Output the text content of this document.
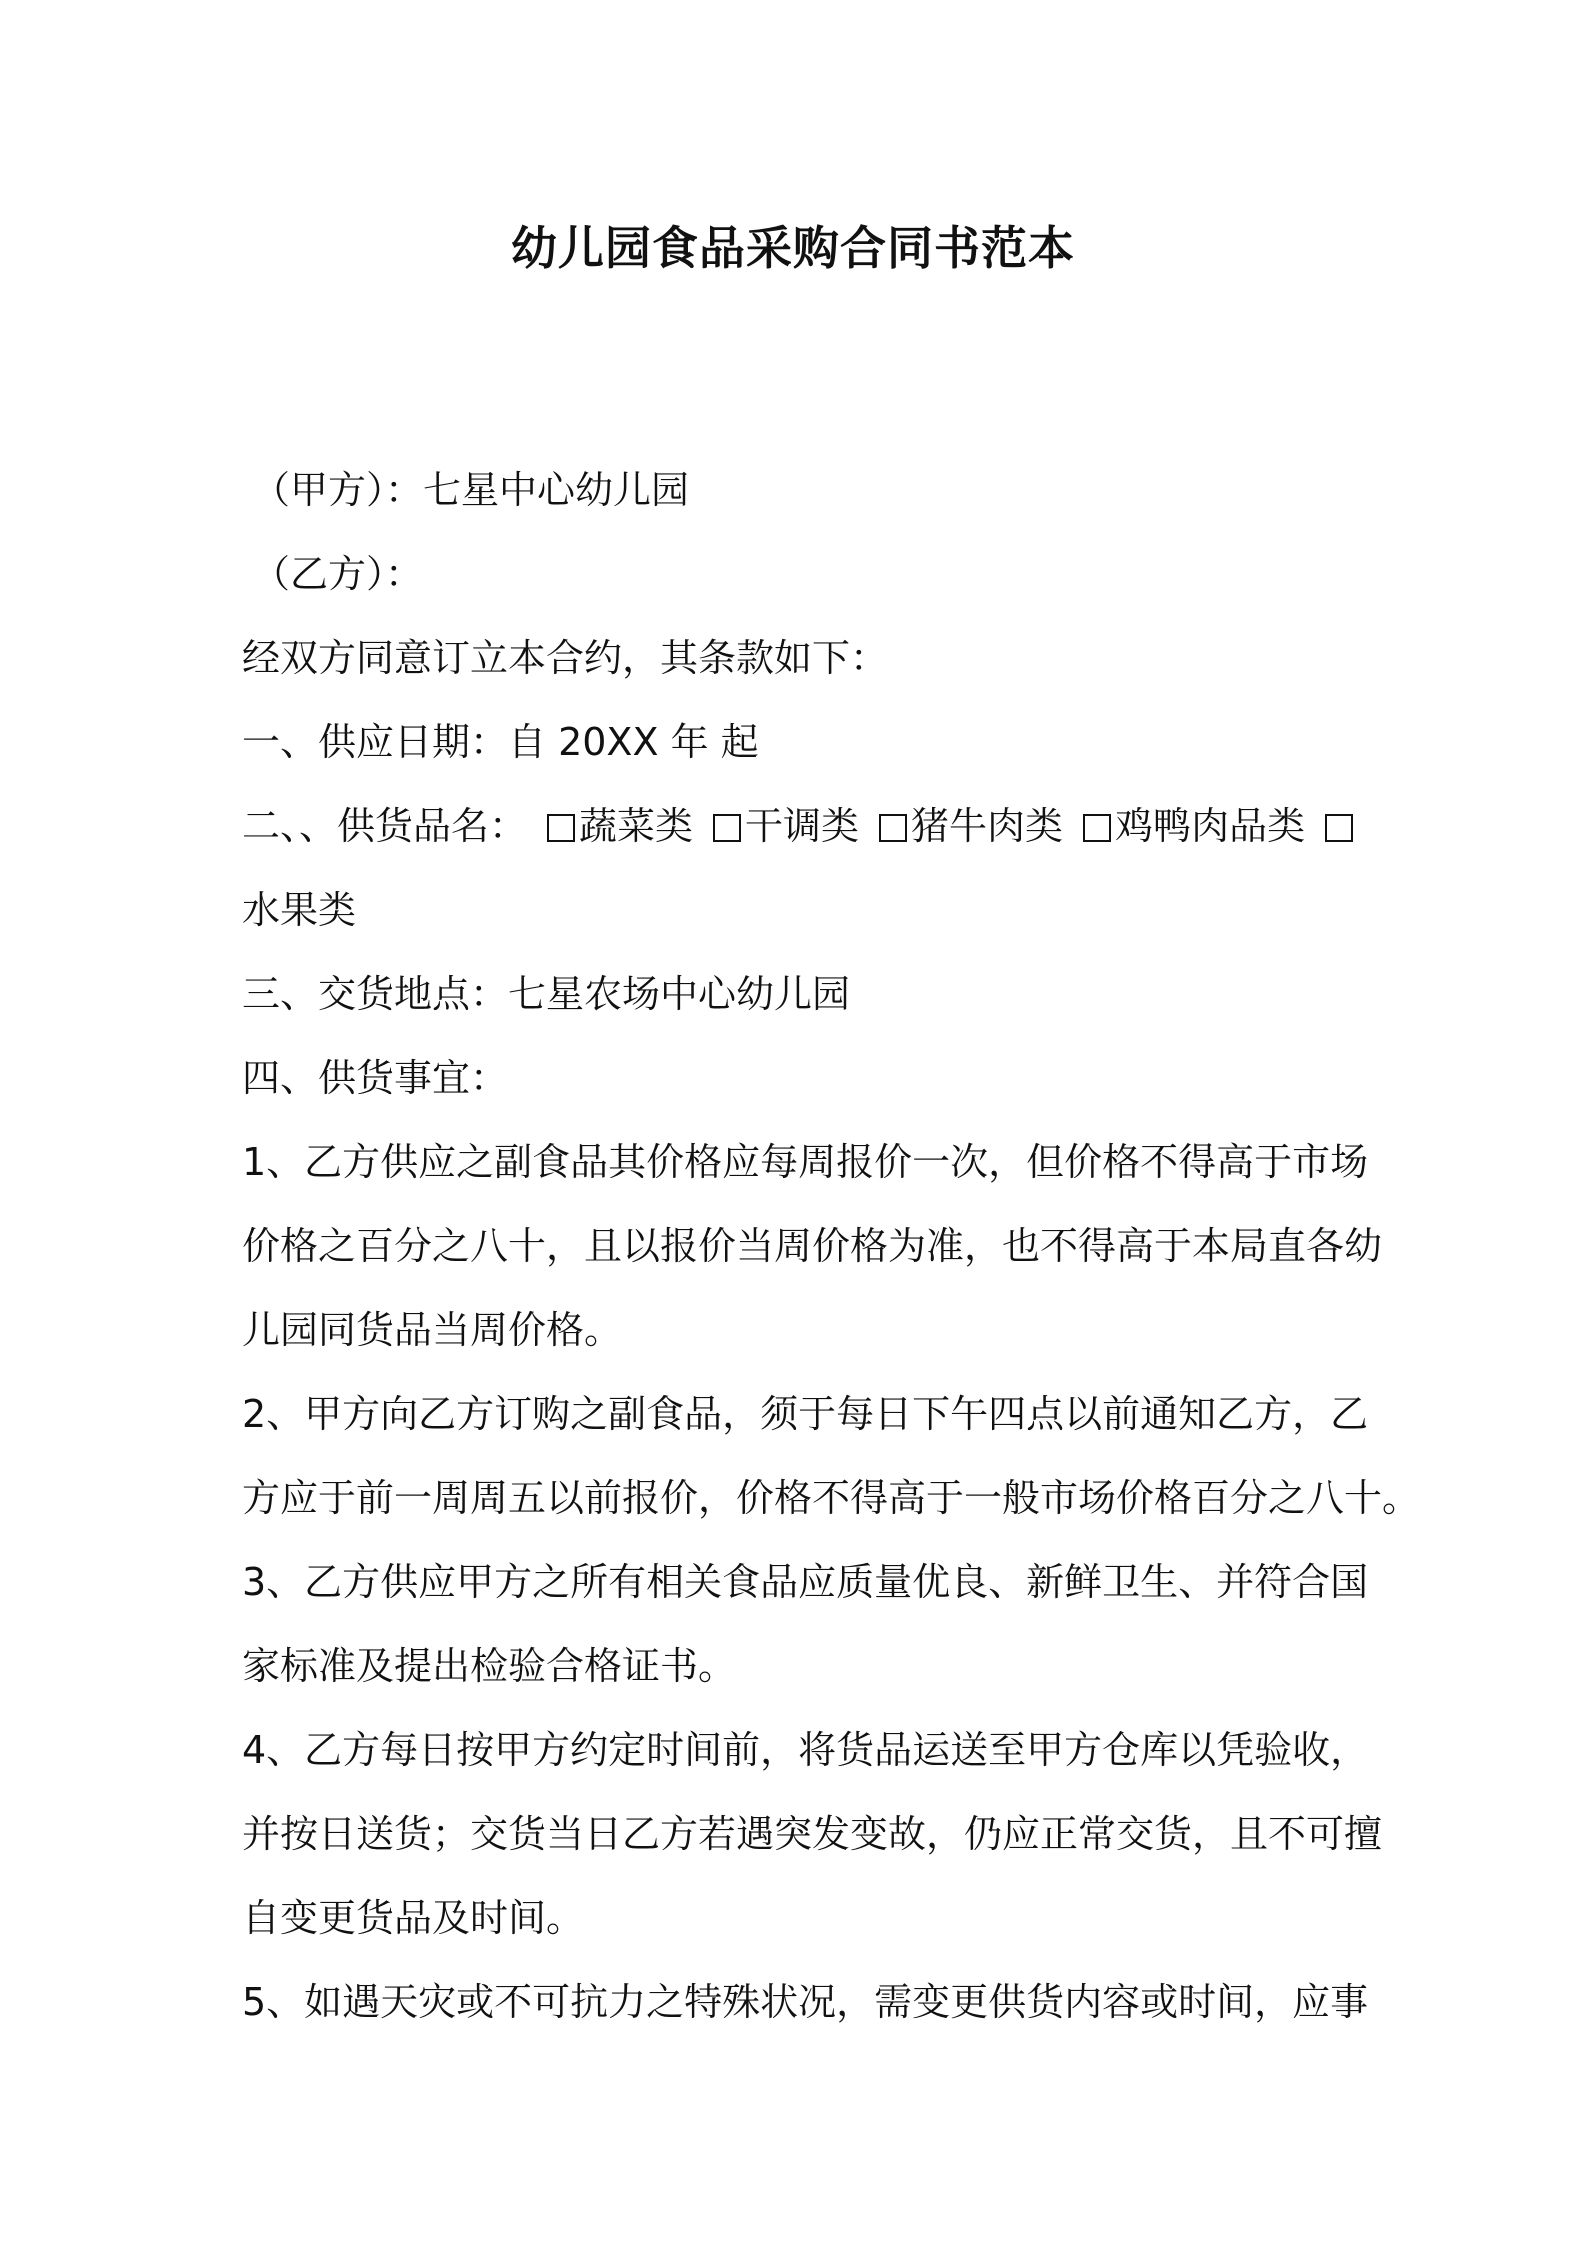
幼儿园食品采购合同书范本

（甲方）：七星中心幼儿园

（乙方）：

经双方同意订立本合约，其条款如下：

一、供应日期：自 20XX 年 起

二、、供货品名： 蔬菜类 干调类 猪牛肉类 鸡鸭肉品类

水果类

三、交货地点：七星农场中心幼儿园

四、供货事宜：

1、乙方供应之副食品其价格应每周报价一次，但价格不得高于市场

价格之百分之八十，且以报价当周价格为准，也不得高于本局直各幼

儿园同货品当周价格。

2、甲方向乙方订购之副食品，须于每日下午四点以前通知乙方，乙

方应于前一周周五以前报价，价格不得高于一般市场价格百分之八十。

3、乙方供应甲方之所有相关食品应质量优良、新鲜卫生、并符合国

家标准及提出检验合格证书。

4、乙方每日按甲方约定时间前，将货品运送至甲方仓库以凭验收，

并按日送货；交货当日乙方若遇突发变故，仍应正常交货，且不可擅

自变更货品及时间。

5、如遇天灾或不可抗力之特殊状况，需变更供货内容或时间，应事
